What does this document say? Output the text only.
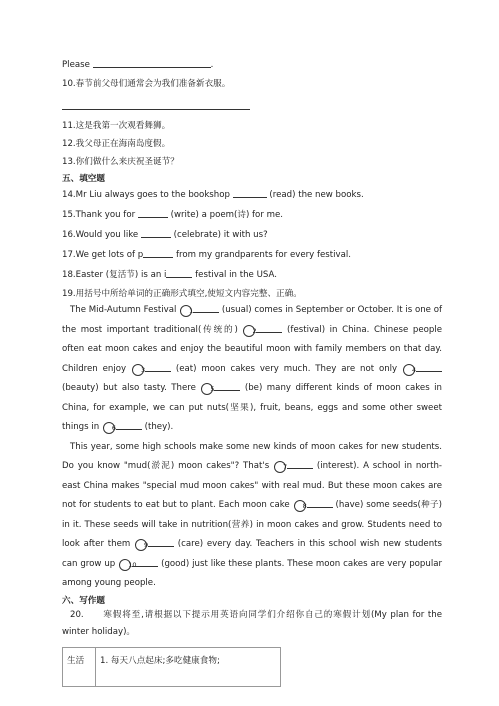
Please	.
10.春节前父母们通常会为我们准备新衣服。
11.这是我第一次观看舞狮。
12.我父母正在海南岛度假。
13.你们做什么来庆祝圣诞节？
五、填空题
14.Mr Liu always goes to the bookshop	(read) the new books.
15.Thank you for	(write) a poem(诗) for me.
16.Would you like	(celebrate) it with us?
17.We get lots of p	from my grandparents for every festival.
18.Easter (复活节) is an i	festival in the USA.
19.用括号中所给单词的正确形式填空,使短文内容完整、正确。
The Mid-Autumn Festival 1	(usual) comes in September or October. It is one of the most important traditional(传统的) 2	(festival) in China. Chinese people often eat moon cakes and enjoy the beautiful moon with family members on that day. Children enjoy 3	(eat) moon cakes very much. They are not only 4 (beauty) but also tasty. There 5	(be) many different kinds of moon cakes in China, for example, we can put nuts(坚果), fruit, beans, eggs and some other sweet things in 6	(they).
This year, some high schools make some new kinds of moon cakes for new students. Do you know "mud(淤泥) moon cakes"? That's 7	(interest). A school in north-east China makes "special mud moon cakes" with real mud. But these moon cakes are not for students to eat but to plant. Each moon cake 8	(have) some seeds(种子) in it. These seeds will take in nutrition(营养) in moon cakes and grow. Students need to look after them 9	(care) every day. Teachers in this school wish new students can grow up 10	(good) just like these plants. These moon cakes are very popular among young people.
六、写作题
20.　　寒假将至,请根据以下提示用英语向同学们介绍你自己的寒假计划(My plan for the winter holiday)。
生活	1. 每天八点起床;多吃健康食物;
